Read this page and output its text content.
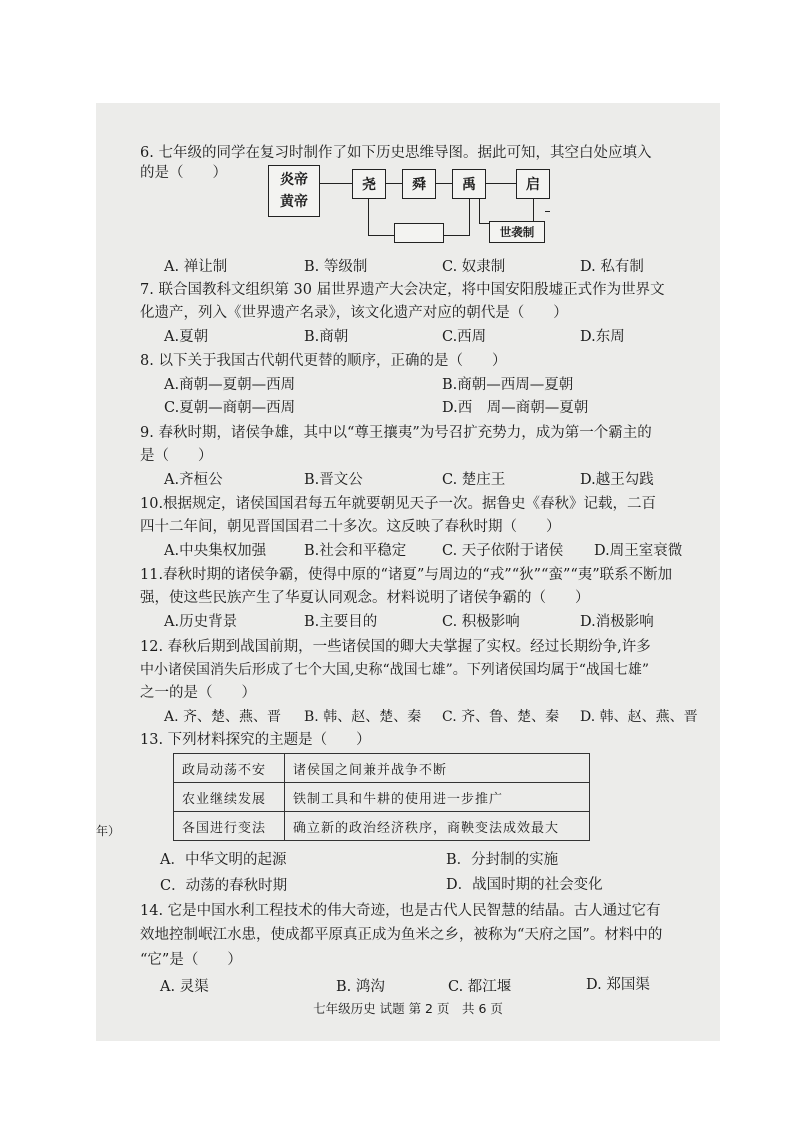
6. 七年级的同学在复习时制作了如下历史思维导图。据此可知，其空白处应填入
的是（　　）	炎帝
黄帝
尧	舜	禹	启
世袭制
A. 禅让制	B. 等级制	C. 奴隶制	D. 私有制
7. 联合国教科文组织第 30 届世界遗产大会决定，将中国安阳殷墟正式作为世界文
化遗产，列入《世界遗产名录》，该文化遗产对应的朝代是（　　）
A.夏朝	B.商朝	C.西周	D.东周
8. 以下关于我国古代朝代更替的顺序，正确的是（　　）
A.商朝—夏朝—西周	B.商朝—西周—夏朝
C.夏朝—商朝—西周	D.西　周—商朝—夏朝
9. 春秋时期，诸侯争雄，其中以“尊王攘夷”为号召扩充势力，成为第一个霸主的
是（　　）
A.齐桓公	B.晋文公	C. 楚庄王	D.越王勾践
10.根据规定，诸侯国国君每五年就要朝见天子一次。据鲁史《春秋》记载，二百
四十二年间，朝见晋国国君二十多次。这反映了春秋时期（　　）
A.中央集权加强	B.社会和平稳定 C. 天子依附于诸侯 D.周王室衰微
11.春秋时期的诸侯争霸，使得中原的“诸夏”与周边的“戎”“狄”“蛮”“夷”联系不断加
强，使这些民族产生了华夏认同观念。材料说明了诸侯争霸的（　　）
A.历史背景	B.主要目的	C. 积极影响	D.消极影响
12. 春秋后期到战国前期，一些诸侯国的卿大夫掌握了实权。经过长期纷争,许多
中小诸侯国消失后形成了七个大国,史称“战国七雄”。下列诸侯国均属于“战国七雄”
之一的是（　　）
A. 齐、楚、燕、晋 B. 韩、赵、楚、秦 C. 齐、鲁、楚、秦 D. 韩、赵、燕、晋
13. 下列材料探究的主题是（　　）
政局动荡不安	诸侯国之间兼并战争不断
农业继续发展	铁制工具和牛耕的使用进一步推广
各国进行变法	确立新的政治经济秩序，商鞅变法成效最大
A．中华文明的起源	B．分封制的实施
C．动荡的春秋时期	D．战国时期的社会变化
14. 它是中国水利工程技术的伟大奇迹，也是古代人民智慧的结晶。古人通过它有
效地控制岷江水患，使成都平原真正成为鱼米之乡，被称为“天府之国”。材料中的
“它”是（　　）
A. 灵渠	B. 鸿沟	C. 都江堰	D. 郑国渠
七年级历史 试题 第 2 页　共 6 页
年）
